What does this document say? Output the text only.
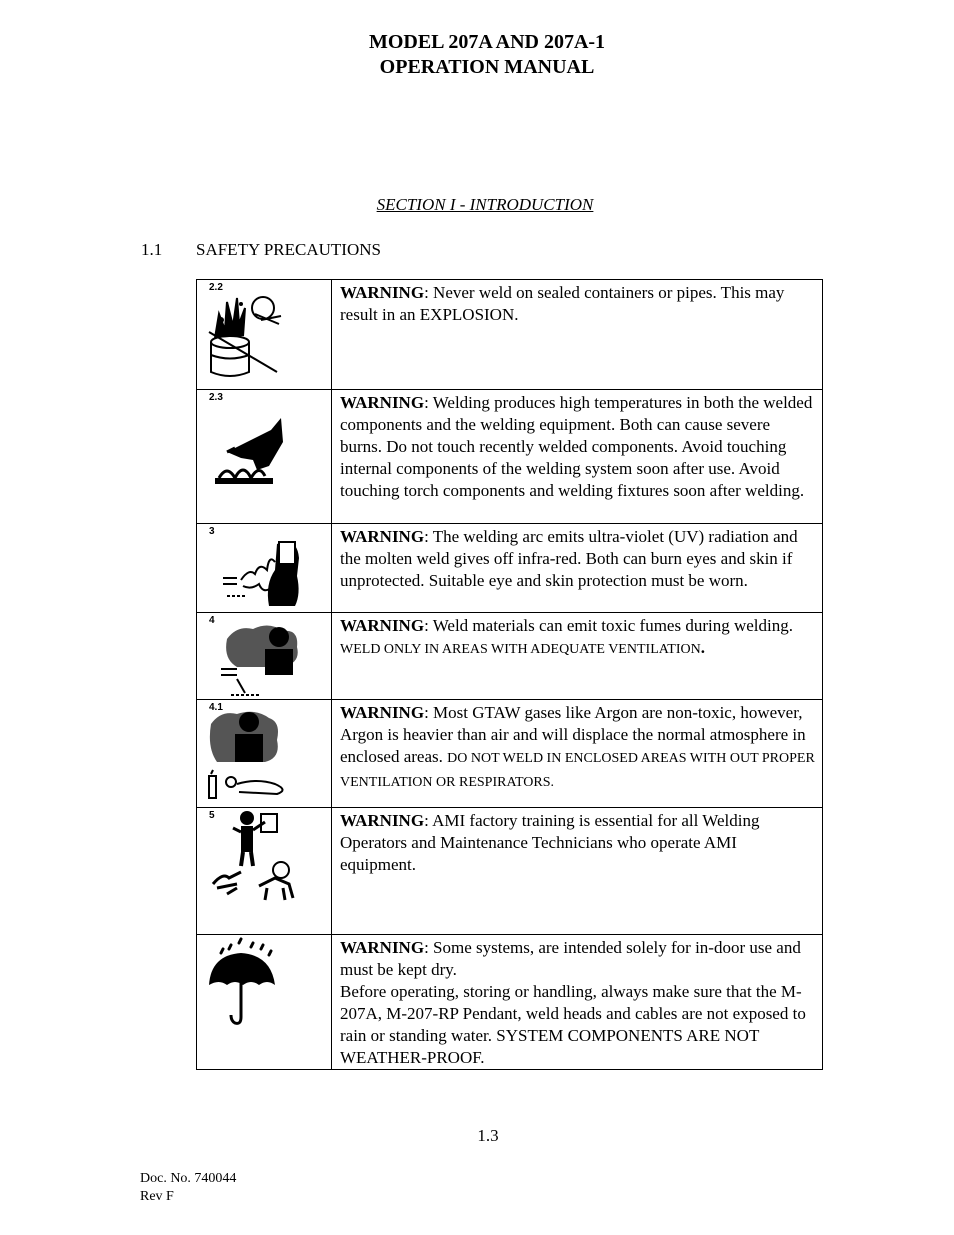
MODEL 207A AND 207A-1
OPERATION MANUAL
SECTION I - INTRODUCTION
1.1 SAFETY PRECAUTIONS
2.2	WARNING: Never weld on sealed containers or pipes. This may result in an EXPLOSION.

2.3	WARNING: Welding produces high temperatures in both the welded components and the welding equipment. Both can cause severe burns. Do not touch recently welded components. Avoid touching internal components of the welding system soon after use. Avoid touching torch components and welding fixtures soon after welding.

3	WARNING: The welding arc emits ultra-violet (UV) radiation and the molten weld gives off infra-red. Both can burn eyes and skin if unprotected. Suitable eye and skin protection must be worn.

4	WARNING: Weld materials can emit toxic fumes during welding. WELD ONLY IN AREAS WITH ADEQUATE VENTILATION.

4.1	WARNING: Most GTAW gases like Argon are non-toxic, however, Argon is heavier than air and will displace the normal atmosphere in enclosed areas. DO NOT WELD IN ENCLOSED AREAS WITH OUT PROPER VENTILATION OR RESPIRATORS.

5	WARNING: AMI factory training is essential for all Welding Operators and Maintenance Technicians who operate AMI equipment.

	WARNING: Some systems, are intended solely for in-door use and must be kept dry.
Before operating, storing or handling, always make sure that the M-207A, M-207-RP Pendant, weld heads and cables are not exposed to rain or standing water. SYSTEM COMPONENTS ARE NOT WEATHER-PROOF.
1.3
Doc. No. 740044
Rev F
